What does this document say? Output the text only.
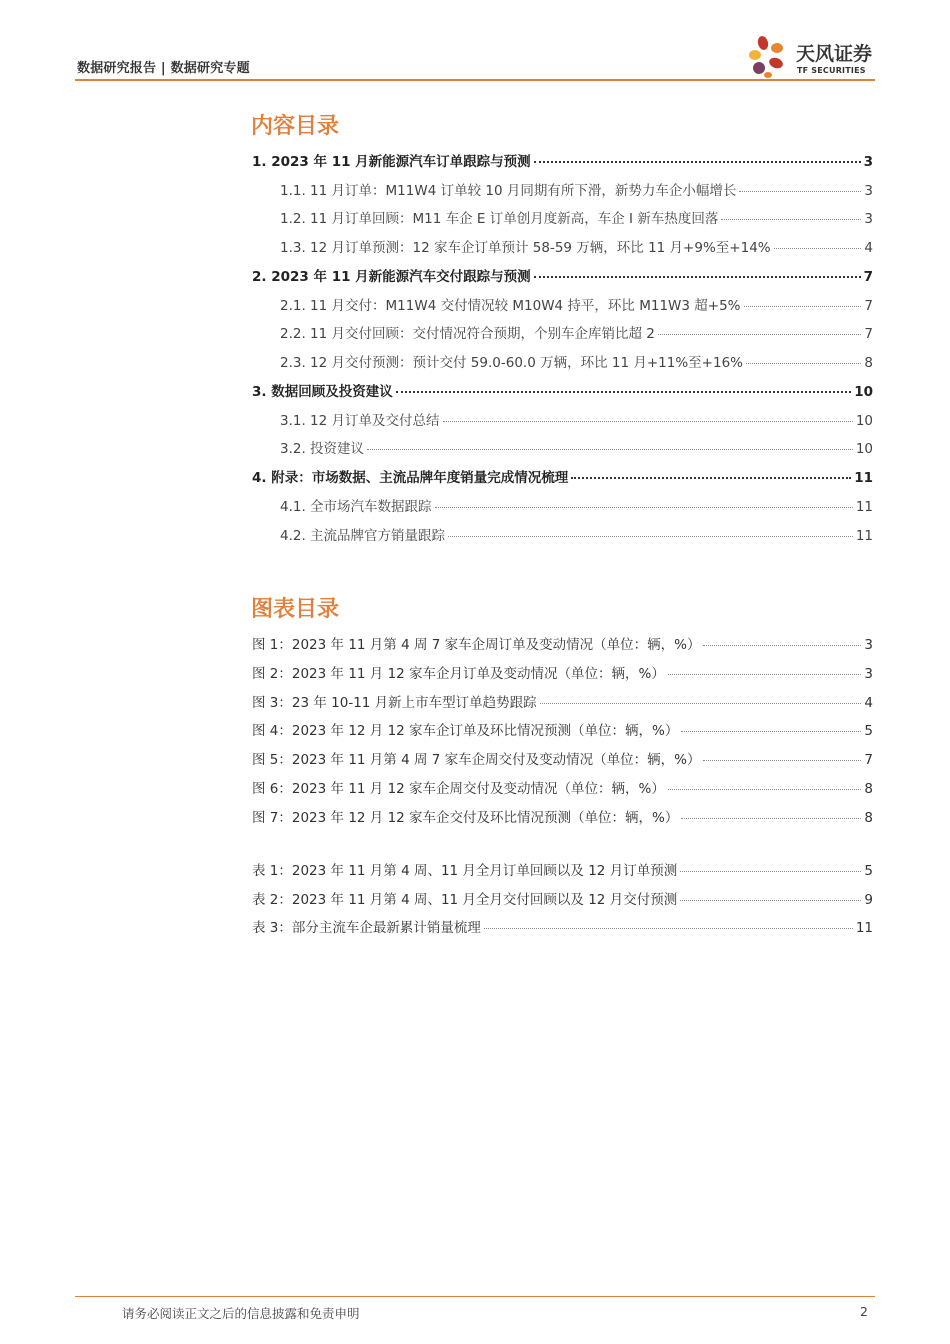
数据研究报告 | 数据研究专题
天风证券
TF SECURITIES
内容目录
1. 2023 年 11 月新能源汽车订单跟踪与预测	3
1.1. 11 月订单：M11W4 订单较 10 月同期有所下滑，新势力车企小幅增长	3
1.2. 11 月订单回顾：M11 车企 E 订单创月度新高，车企 I 新车热度回落	3
1.3. 12 月订单预测：12 家车企订单预计 58-59 万辆，环比 11 月+9%至+14%	4
2. 2023 年 11 月新能源汽车交付跟踪与预测	7
2.1. 11 月交付：M11W4 交付情况较 M10W4 持平，环比 M11W3 超+5%	7
2.2. 11 月交付回顾：交付情况符合预期，个别车企库销比超 2	7
2.3. 12 月交付预测：预计交付 59.0-60.0 万辆，环比 11 月+11%至+16%	8
3. 数据回顾及投资建议	10
3.1. 12 月订单及交付总结	10
3.2. 投资建议	10
4. 附录：市场数据、主流品牌年度销量完成情况梳理	11
4.1. 全市场汽车数据跟踪	11
4.2. 主流品牌官方销量跟踪	11
图表目录
图 1：2023 年 11 月第 4 周 7 家车企周订单及变动情况（单位：辆，%）	3
图 2：2023 年 11 月 12 家车企月订单及变动情况（单位：辆，%）	3
图 3：23 年 10-11 月新上市车型订单趋势跟踪	4
图 4：2023 年 12 月 12 家车企订单及环比情况预测（单位：辆，%）	5
图 5：2023 年 11 月第 4 周 7 家车企周交付及变动情况（单位：辆，%）	7
图 6：2023 年 11 月 12 家车企周交付及变动情况（单位：辆，%）	8
图 7：2023 年 12 月 12 家车企交付及环比情况预测（单位：辆，%）	8
表 1：2023 年 11 月第 4 周、11 月全月订单回顾以及 12 月订单预测	5
表 2：2023 年 11 月第 4 周、11 月全月交付回顾以及 12 月交付预测	9
表 3：部分主流车企最新累计销量梳理	11
请务必阅读正文之后的信息披露和免责申明	2
